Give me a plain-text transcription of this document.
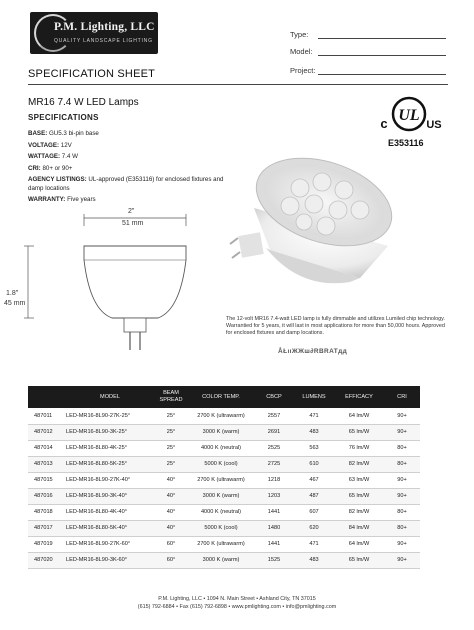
P.M. Lighting, LLC
QUALITY LANDSCAPE LIGHTING
Type:
Model:
Project:
SPECIFICATION SHEET
MR16 7.4 W LED Lamps
SPECIFICATIONS
BASE: GU5.3 bi-pin base
VOLTAGE: 12V
WATTAGE: 7.4 W
CRI: 80+ or 90+
AGENCY LISTINGS: UL-approved (E353116) for enclosed fixtures and damp locations
WARRANTY: Five years
UL
c	US
E353116
2"
51 mm
1.8"
45 mm
The 12-volt MR16 7.4-watt LED lamp is fully dimmable and utilizes Lumiled chip technology. Warrantied for 5 years, it will last in most applications for more than 50,000 hours. Approved for enclosed fixtures and damp locations.
ÅŁııЖЖш∂RBRATдд
	MODEL	BEAM SPREAD	COLOR TEMP.	CBCP	LUMENS	EFFICACY	CRI
487011	LED-MR16-8L90-27K-25°	25°	2700 K (ultrawarm)	2557	471	64 lm/W	90+
487012	LED-MR16-8L90-3K-25°	25°	3000 K (warm)	2691	483	65 lm/W	90+
487014	LED-MR16-8L80-4K-25°	25°	4000 K (neutral)	2525	563	76 lm/W	80+
487013	LED-MR16-8L80-5K-25°	25°	5000 K (cool)	2725	610	82 lm/W	80+
487015	LED-MR16-8L90-27K-40°	40°	2700 K (ultrawarm)	1218	467	63 lm/W	90+
487016	LED-MR16-8L90-3K-40°	40°	3000 K (warm)	1203	487	65 lm/W	90+
487018	LED-MR16-8L80-4K-40°	40°	4000 K (neutral)	1441	607	82 lm/W	80+
487017	LED-MR16-8L80-5K-40°	40°	5000 K (cool)	1480	620	84 lm/W	80+
487019	LED-MR16-8L90-27K-60°	60°	2700 K (ultrawarm)	1441	471	64 lm/W	90+
487020	LED-MR16-8L90-3K-60°	60°	3000 K (warm)	1525	483	65 lm/W	90+
P.M. Lighting, LLC • 1094 N. Main Street • Ashland City, TN 37015
(615) 792-6884 • Fax (615) 792-6898 • www.pmlighting.com • info@pmlighting.com
